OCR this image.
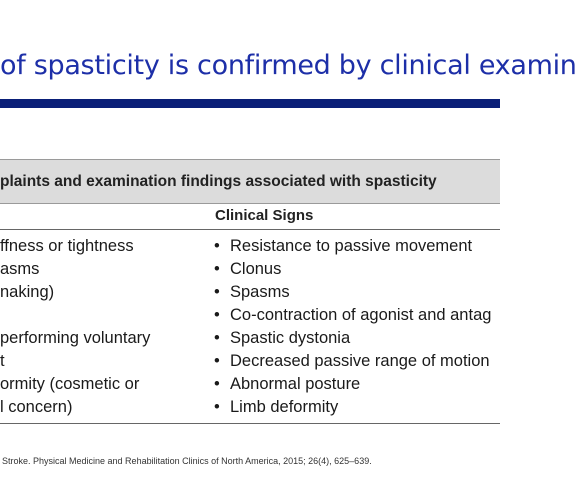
of spasticity is confirmed by clinical examin
plaints and examination findings associated with spasticity
Clinical Signs
ffness or tightness
asms
naking)
performing voluntary
t
ormity (cosmetic or
l concern)
• Resistance to passive movement
• Clonus
• Spasms
• Co-contraction of agonist and antag
• Spastic dystonia
• Decreased passive range of motion
• Abnormal posture
• Limb deformity
Stroke. Physical Medicine and Rehabilitation Clinics of North America, 2015; 26(4), 625–639.
